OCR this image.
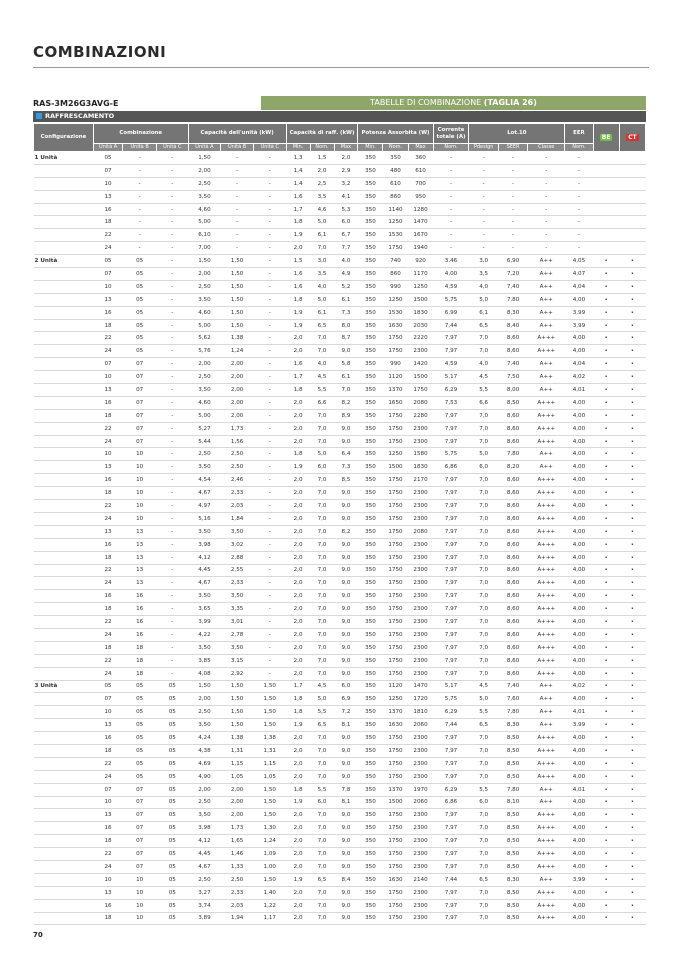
COMBINAZIONI
RAS-3M26G3AVG-E	TABELLE DI COMBINAZIONE (TAGLIA 26)
RAFFRESCAMENTO
Configurazione	Combinazione			Capacità dell'unità (kW)			Capacità di raff. (kW)			Potenza Assorbita (W)			Corrente totale (A)	Lot.10			EER	BE	CT
	Unità A	Unità B	Unità C	Unità A	Unità B	Unità C	Min.	Nom.	Max	Min.	Nom.	Max	Nom.	Pdesign	SEER	Classe	Nom.		
1 Unità	05	-	-	1,50	-	-	1,3	1,5	2,0	350	350	360	-	-	-	-	-		
	07	-	-	2,00	-	-	1,4	2,0	2,9	350	480	610	-	-	-	-	-		
	10	-	-	2,50	-	-	1,4	2,5	3,2	350	610	700	-	-	-	-	-		
	13	-	-	3,50	-	-	1,6	3,5	4,1	350	860	950	-	-	-	-	-		
	16	-	-	4,60	-	-	1,7	4,6	5,3	350	1140	1280	-	-	-	-	-		
	18	-	-	5,00	-	-	1,8	5,0	6,0	350	1250	1470	-	-	-	-	-		
	22	-	-	6,10	-	-	1,9	6,1	6,7	350	1530	1670	-	-	-	-	-		
	24	-	-	7,00	-	-	2,0	7,0	7,7	350	1750	1940	-	-	-	-	-		
2 Unità	05	05	-	1,50	1,50	-	1,5	3,0	4,0	350	740	920	3,46	3,0	6,90	A++	4,05	•	•
	07	05	-	2,00	1,50	-	1,6	3,5	4,9	350	860	1170	4,00	3,5	7,20	A++	4,07	•	•
	10	05	-	2,50	1,50	-	1,6	4,0	5,2	350	990	1250	4,59	4,0	7,40	A++	4,04	•	•
	13	05	-	3,50	1,50	-	1,8	5,0	6,1	350	1250	1500	5,75	5,0	7,80	A++	4,00	•	•
	16	05	-	4,60	1,50	-	1,9	6,1	7,3	350	1530	1830	6,99	6,1	8,30	A++	3,99	•	•
	18	05	-	5,00	1,50	-	1,9	6,5	8,0	350	1630	2030	7,44	6,5	8,40	A++	3,99	•	•
	22	05	-	5,62	1,38	-	2,0	7,0	8,7	350	1750	2220	7,97	7,0	8,60	A+++	4,00	•	•
	24	05	-	5,76	1,24	-	2,0	7,0	9,0	350	1750	2300	7,97	7,0	8,60	A+++	4,00	•	•
	07	07	-	2,00	2,00	-	1,6	4,0	5,8	350	990	1420	4,59	4,0	7,40	A++	4,04	•	•
	10	07	-	2,50	2,00	-	1,7	4,5	6,1	350	1120	1500	5,17	4,5	7,50	A++	4,02	•	•
	13	07	-	3,50	2,00	-	1,8	5,5	7,0	350	1370	1750	6,29	5,5	8,00	A++	4,01	•	•
	16	07	-	4,60	2,00	-	2,0	6,6	8,2	350	1650	2080	7,53	6,6	8,50	A+++	4,00	•	•
	18	07	-	5,00	2,00	-	2,0	7,0	8,9	350	1750	2280	7,97	7,0	8,60	A+++	4,00	•	•
	22	07	-	5,27	1,73	-	2,0	7,0	9,0	350	1750	2300	7,97	7,0	8,60	A+++	4,00	•	•
	24	07	-	5,44	1,56	-	2,0	7,0	9,0	350	1750	2300	7,97	7,0	8,60	A+++	4,00	•	•
	10	10	-	2,50	2,50	-	1,8	5,0	6,4	350	1250	1580	5,75	5,0	7,80	A++	4,00	•	•
	13	10	-	3,50	2,50	-	1,9	6,0	7,3	350	1500	1830	6,86	6,0	8,20	A++	4,00	•	•
	16	10	-	4,54	2,46	-	2,0	7,0	8,5	350	1750	2170	7,97	7,0	8,60	A+++	4,00	•	•
	18	10	-	4,67	2,33	-	2,0	7,0	9,0	350	1750	2300	7,97	7,0	8,60	A+++	4,00	•	•
	22	10	-	4,97	2,03	-	2,0	7,0	9,0	350	1750	2300	7,97	7,0	8,60	A+++	4,00	•	•
	24	10	-	5,16	1,84	-	2,0	7,0	9,0	350	1750	2300	7,97	7,0	8,60	A+++	4,00	•	•
	13	13	-	3,50	3,50	-	2,0	7,0	8,2	350	1750	2080	7,97	7,0	8,60	A+++	4,00	•	•
	16	13	-	3,98	3,02	-	2,0	7,0	9,0	350	1750	2300	7,97	7,0	8,60	A+++	4,00	•	•
	18	13	-	4,12	2,88	-	2,0	7,0	9,0	350	1750	2300	7,97	7,0	8,60	A+++	4,00	•	•
	22	13	-	4,45	2,55	-	2,0	7,0	9,0	350	1750	2300	7,97	7,0	8,60	A+++	4,00	•	•
	24	13	-	4,67	2,33	-	2,0	7,0	9,0	350	1750	2300	7,97	7,0	8,60	A+++	4,00	•	•
	16	16	-	3,50	3,50	-	2,0	7,0	9,0	350	1750	2300	7,97	7,0	8,60	A+++	4,00	•	•
	18	16	-	3,65	3,35	-	2,0	7,0	9,0	350	1750	2300	7,97	7,0	8,60	A+++	4,00	•	•
	22	16	-	3,99	3,01	-	2,0	7,0	9,0	350	1750	2300	7,97	7,0	8,60	A+++	4,00	•	•
	24	16	-	4,22	2,78	-	2,0	7,0	9,0	350	1750	2300	7,97	7,0	8,60	A+++	4,00	•	•
	18	18	-	3,50	3,50	-	2,0	7,0	9,0	350	1750	2300	7,97	7,0	8,60	A+++	4,00	•	•
	22	18	-	3,85	3,15	-	2,0	7,0	9,0	350	1750	2300	7,97	7,0	8,60	A+++	4,00	•	•
	24	18	-	4,08	2,92	-	2,0	7,0	9,0	350	1750	2300	7,97	7,0	8,60	A+++	4,00	•	•
3 Unità	05	05	05	1,50	1,50	1,50	1,7	4,5	6,0	350	1120	1470	5,17	4,5	7,40	A++	4,02	•	•
	07	05	05	2,00	1,50	1,50	1,8	5,0	6,9	350	1250	1720	5,75	5,0	7,60	A++	4,00	•	•
	10	05	05	2,50	1,50	1,50	1,8	5,5	7,2	350	1370	1810	6,29	5,5	7,80	A++	4,01	•	•
	13	05	05	3,50	1,50	1,50	1,9	6,5	8,1	350	1630	2060	7,44	6,5	8,30	A++	3,99	•	•
	16	05	05	4,24	1,38	1,38	2,0	7,0	9,0	350	1750	2300	7,97	7,0	8,50	A+++	4,00	•	•
	18	05	05	4,38	1,31	1,31	2,0	7,0	9,0	350	1750	2300	7,97	7,0	8,50	A+++	4,00	•	•
	22	05	05	4,69	1,15	1,15	2,0	7,0	9,0	350	1750	2300	7,97	7,0	8,50	A+++	4,00	•	•
	24	05	05	4,90	1,05	1,05	2,0	7,0	9,0	350	1750	2300	7,97	7,0	8,50	A+++	4,00	•	•
	07	07	05	2,00	2,00	1,50	1,8	5,5	7,8	350	1370	1970	6,29	5,5	7,80	A++	4,01	•	•
	10	07	05	2,50	2,00	1,50	1,9	6,0	8,1	350	1500	2060	6,86	6,0	8,10	A++	4,00	•	•
	13	07	05	3,50	2,00	1,50	2,0	7,0	9,0	350	1750	2300	7,97	7,0	8,50	A+++	4,00	•	•
	16	07	05	3,98	1,73	1,30	2,0	7,0	9,0	350	1750	2300	7,97	7,0	8,50	A+++	4,00	•	•
	18	07	05	4,12	1,65	1,24	2,0	7,0	9,0	350	1750	2300	7,97	7,0	8,50	A+++	4,00	•	•
	22	07	05	4,45	1,46	1,09	2,0	7,0	9,0	350	1750	2300	7,97	7,0	8,50	A+++	4,00	•	•
	24	07	05	4,67	1,33	1,00	2,0	7,0	9,0	350	1750	2300	7,97	7,0	8,50	A+++	4,00	•	•
	10	10	05	2,50	2,50	1,50	1,9	6,5	8,4	350	1630	2140	7,44	6,5	8,30	A++	3,99	•	•
	13	10	05	3,27	2,33	1,40	2,0	7,0	9,0	350	1750	2300	7,97	7,0	8,50	A+++	4,00	•	•
	16	10	05	3,74	2,03	1,22	2,0	7,0	9,0	350	1750	2300	7,97	7,0	8,50	A+++	4,00	•	•
	18	10	05	3,89	1,94	1,17	2,0	7,0	9,0	350	1750	2300	7,97	7,0	8,50	A+++	4,00	•	•
70
